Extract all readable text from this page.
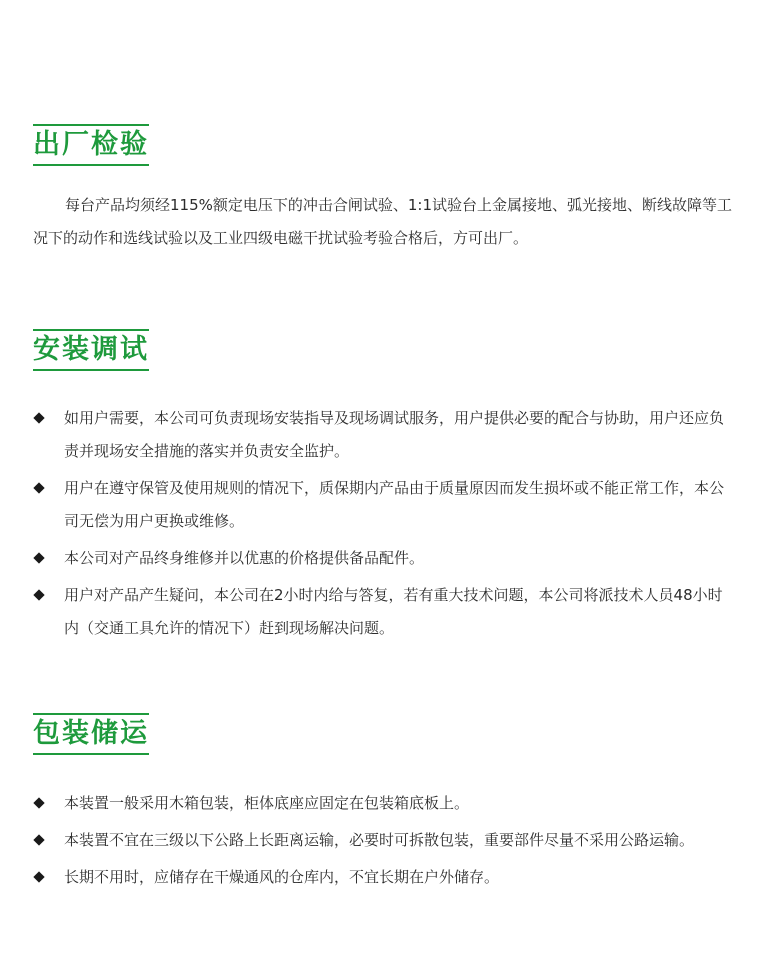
出厂检验
每台产品均须经115%额定电压下的冲击合闸试验、1:1试验台上金属接地、弧光接地、断线故障等工况下的动作和选线试验以及工业四级电磁干扰试验考验合格后，方可出厂。
安装调试
如用户需要，本公司可负责现场安装指导及现场调试服务，用户提供必要的配合与协助，用户还应负责并现场安全措施的落实并负责安全监护。
用户在遵守保管及使用规则的情况下，质保期内产品由于质量原因而发生损坏或不能正常工作，本公司无偿为用户更换或维修。
本公司对产品终身维修并以优惠的价格提供备品配件。
用户对产品产生疑问，本公司在2小时内给与答复，若有重大技术问题，本公司将派技术人员48小时内（交通工具允许的情况下）赶到现场解决问题。
包装储运
本装置一般采用木箱包装，柜体底座应固定在包装箱底板上。
本装置不宜在三级以下公路上长距离运输，必要时可拆散包装，重要部件尽量不采用公路运输。
长期不用时，应储存在干燥通风的仓库内，不宜长期在户外储存。
